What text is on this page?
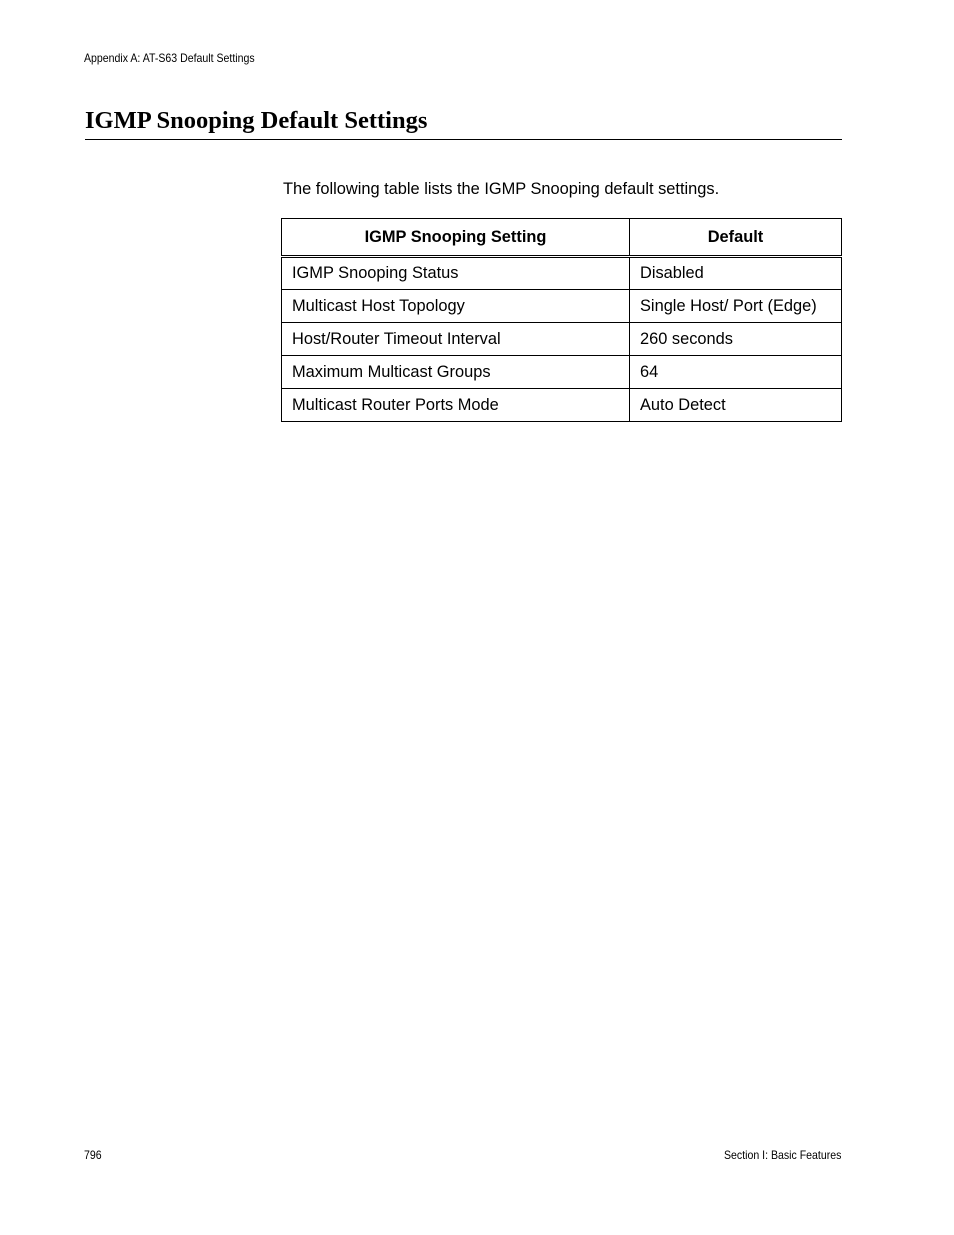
Appendix A: AT-S63 Default Settings
IGMP Snooping Default Settings

The following table lists the IGMP Snooping default settings.

IGMP Snooping Setting	Default
IGMP Snooping Status	Disabled
Multicast Host Topology	Single Host/ Port (Edge)
Host/Router Timeout Interval	260 seconds
Maximum Multicast Groups	64
Multicast Router Ports Mode	Auto Detect
796	Section I: Basic Features
